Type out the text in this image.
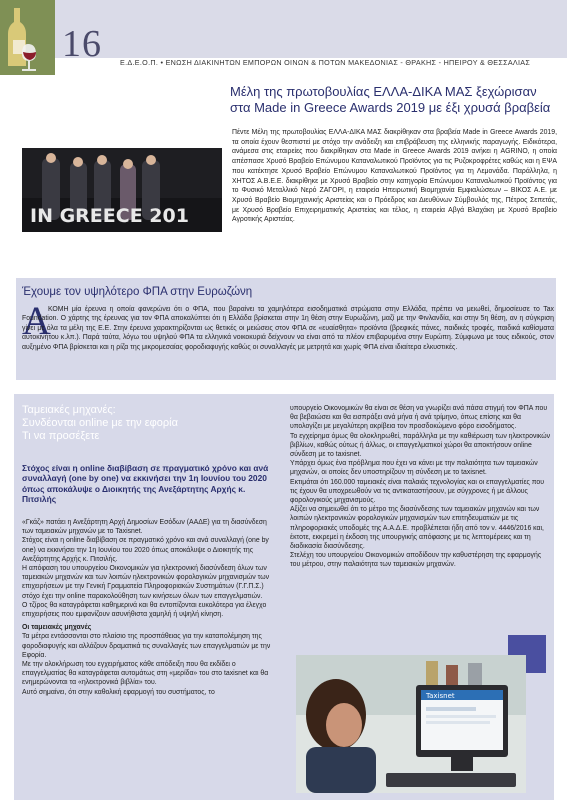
16	Ε.Δ.Ε.Ο.Π. • ΕΝΩΣΗ ΔΙΑΚΙΝΗΤΩΝ ΕΜΠΟΡΩΝ ΟΙΝΩΝ & ΠΟΤΩΝ ΜΑΚΕΔΟΝΙΑΣ - ΘΡΑΚΗΣ - ΗΠΕΙΡΟΥ & ΘΕΣΣΑΛΙΑΣ
Μέλη της πρωτοβουλίας ΕΛΛΑ-ΔΙΚΑ ΜΑΣ ξεχώρισαν στα Made in Greece Awards 2019 με έξι χρυσά βραβεία
IN GREECE 201
Πέντε Μέλη της πρωτοβουλίας ΕΛΛΑ-ΔΙΚΑ ΜΑΣ διακρίθηκαν στα βραβεία Made in Greece Awards 2019, τα οποία έχουν θεσπιστεί με στόχο την ανάδειξη και επιβράβευση της ελληνικής παραγωγής. Ειδικότερα, ανάμεσα στις εταιρείες που διακρίθηκαν στα Made in Greece Awards 2019 ανήκει η AGRINO, η οποία απέσπασε Χρυσό Βραβείο Επώνυμου Καταναλωτικού Προϊόντος για τις Ρυζοκροφρέτες καθώς και η ΕΨΑ που κατέκτησε Χρυσό Βραβείο Επώνυμου Καταναλωτικού Προϊόντος για τη Λεμονάδα. Παράλληλα, η ΧΗΤΟΣ Α.Β.Ε.Ε. διακρίθηκε με Χρυσό Βραβείο στην κατηγορία Επώνυμου Καταναλωτικού Προϊόντος για το Φυσικό Μεταλλικό Νερό ΖΑΓΟΡΙ, η εταιρεία Ηπειρωτική Βιομηχανία Εμφιαλώσεων – ΒΙΚΟΣ Α.Ε. με Χρυσό Βραβείο Βιομηχανικής Αριστείας και ο Πρόεδρος και Διευθύνων Σύμβουλός της, Πέτρος Σεπετάς, με Χρυσό Βραβείο Επιχειρηματικής Αριστείας και τέλος, η εταιρεία Αβγά Βλαχάκη με Χρυσό Βραβείο Αγροτικής Αριστείας.
Έχουμε τον υψηλότερο ΦΠΑ στην Ευρωζώνη
Α
ΚΟΜΗ μία έρευνα η οποία φανερώνει ότι ο ΦΠΑ, που βαραίνει τα χαμηλότερα εισοδηματικά στρώματα στην Ελλάδα, πρέπει να μειωθεί, δημοσίευσε το Tax Foundation. Ο χάρτης της έρευνας για τον ΦΠΑ αποκαλύπτει ότι η Ελλάδα βρίσκεται στην 1η θέση στην Ευρωζώνη, μαζί με την Φινλανδία, και στην 5η θέση, αν η σύγκριση γίνει με όλα τα μέλη της Ε.Ε. Στην έρευνα χαρακτηρίζονται ως θετικές οι μειώσεις στον ΦΠΑ σε «ευαίσθητα» προϊόντα (βρεφικές πάνες, παιδικές τροφές, παιδικά καθίσματα αυτοκινήτου κ.λπ.). Παρά ταύτα, λόγω του υψηλού ΦΠΑ τα ελληνικά νοικοκυριά δείχνουν να είναι από τα πλέον επιβαρυμένα στην Ευρώπη. Σύμφωνα με τους ειδικούς, στον αυξημένο ΦΠΑ βρίσκεται και η ρίζα της μικρομεσαίας φοροδιαφυγής καθώς οι συναλλαγές με μετρητά και χωρίς ΦΠΑ είναι ιδιαίτερα ελκυστικές.
Ταμειακές μηχανές:
Συνδέονται online με την εφορία
Τι να προσέξετε
Στόχος είναι η online διαβίβαση σε πραγματικό χρόνο και ανά συναλλαγή (one by one) να εκκινήσει την 1η Ιουνίου του 2020 όπως αποκάλυψε ο Διοικητής της Ανεξάρτητης Αρχής κ. Πιτσιλής

«Γκάζ» πατάει η Ανεξάρτητη Αρχή Δημοσίων Εσόδων (ΑΑΔΕ) για τη διασύνδεση των ταμειακών μηχανών με το Taxisnet.

Στόχος είναι η online διαβίβαση σε πραγματικό χρόνο και ανά συναλλαγή (one by one) να εκκινήσει την 1η Ιουνίου του 2020 όπως αποκάλυψε ο Διοικητής της Ανεξάρτητης Αρχής κ. Πιτσιλής.

Η απόφαση του υπουργείου Οικονομικών για ηλεκτρονική διασύνδεση όλων των ταμειακών μηχανών και των λοιπών ηλεκτρονικών φορολογικών μηχανισμών των επιχειρήσεων με την Γενική Γραμματεία Πληροφοριακών Συστημάτων (Γ.Γ.Π.Σ.) στόχο έχει την online παρακολούθηση των κινήσεων όλων των επαγγελματιών.

Ο τζίρος θα καταγράφεται καθημερινά και θα εντοπίζονται ευκολότερα για έλεγχο επιχειρήσεις που εμφανίζουν ασυνήθιστα χαμηλή ή υψηλή κίνηση.

Οι ταμειακές μηχανές

Τα μέτρα εντάσσονται στο πλαίσιο της προσπάθειας για την καταπολέμηση της φοροδιαφυγής και αλλάζουν δραματικά τις συναλλαγές των επαγγελματιών με την Εφορία.

Με την ολοκλήρωση του εγχειρήματος κάθε απόδειξη που θα εκδίδει ο επαγγελματίας θα καταγράφεται αυτομάτως στη «μερίδα» του στο taxisnet και θα ενημερώνονται τα «ηλεκτρονικά βιβλία» του.

Αυτό σημαίνει, ότι στην καθολική εφαρμογή του συστήματος, το

υπουργείο Οικονομικών θα είναι σε θέση να γνωρίζει ανά πάσα στιγμή τον ΦΠΑ που θα βεβαιώσει και θα εισπράξει ανά μήνα ή ανά τρίμηνο, όπως επίσης και θα υπολογίζει με μεγαλύτερη ακρίβεια τον προσδοκώμενο φόρο εισοδήματος.

Το εγχείρημα όμως θα ολοκληρωθεί, παράλληλα με την καθιέρωση των ηλεκτρονικών βιβλίων, καθώς ούτως ή άλλως, οι επαγγελματικοί χώροι θα αποκτήσουν online σύνδεση με το taxisnet.

Υπάρχει όμως ένα πρόβλημα που έχει να κάνει με την παλαιότητα των ταμειακών μηχανών, οι οποίες δεν υποστηρίζουν τη σύνδεση με το taxisnet.

Εκτιμάται ότι 160.000 ταμειακές είναι παλαιάς τεχνολογίας και οι επαγγελματίες που τις έχουν θα υποχρεωθούν να τις αντικαταστήσουν, με σύγχρονες ή με άλλους φορολογικούς μηχανισμούς.

Αξίζει να σημειωθεί ότι το μέτρο της διασύνδεσης των ταμειακών μηχανών και των λοιπών ηλεκτρονικών φορολογικών μηχανισμών των επιτηδευματιών με τις πληροφοριακές υποδομές της Α.Α.Δ.Ε. προβλέπεται ήδη από τον ν. 4446/2016 και, έκτοτε, εκκρεμεί η έκδοση της υπουργικής απόφασης με τις λεπτομέρειες και τη διαδικασία διασύνδεσης.

Στελέχη του υπουργείου Οικονομικών αποδίδουν την καθυστέρηση της εφαρμογής του μέτρου, στην παλαιότητα των ταμειακών μηχανών.

Taxisnet
